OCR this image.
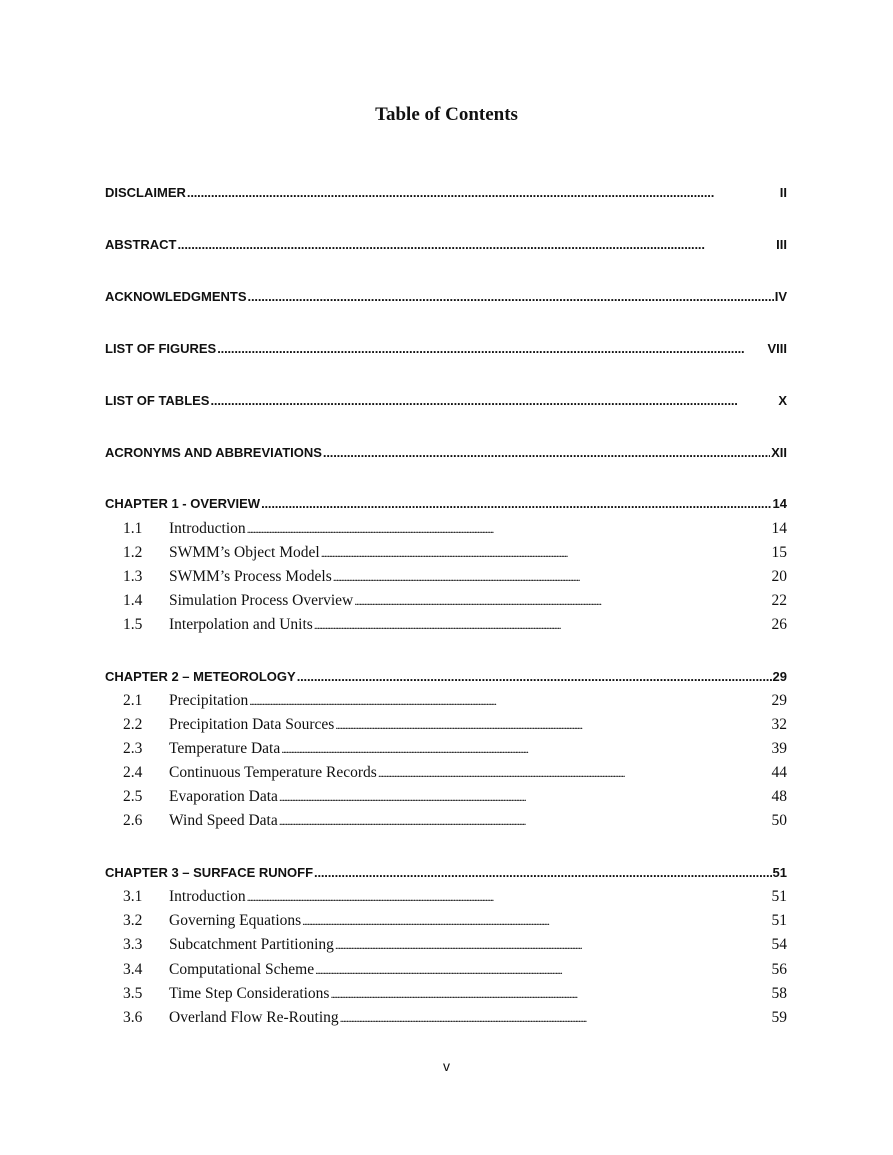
Table of Contents
DISCLAIMER . . .	II
ABSTRACT . . .	III
ACKNOWLEDGMENTS . . .	IV
LIST OF FIGURES . . .	VIII
LIST OF TABLES . . .	X
ACRONYMS AND ABBREVIATIONS . . .	XII
CHAPTER 1 - OVERVIEW . . .	14
1.1	Introduction . . .	14
1.2	SWMM’s Object Model . . .	15
1.3	SWMM’s Process Models . . .	20
1.4	Simulation Process Overview . . .	22
1.5	Interpolation and Units . . .	26
CHAPTER 2 – METEOROLOGY . . .	29
2.1	Precipitation . . .	29
2.2	Precipitation Data Sources . . .	32
2.3	Temperature Data . . .	39
2.4	Continuous Temperature Records . . .	44
2.5	Evaporation Data . . .	48
2.6	Wind Speed Data . . .	50
CHAPTER 3 – SURFACE RUNOFF . . .	51
3.1	Introduction . . .	51
3.2	Governing Equations . . .	51
3.3	Subcatchment Partitioning . . .	54
3.4	Computational Scheme . . .	56
3.5	Time Step Considerations . . .	58
3.6	Overland Flow Re-Routing . . .	59
v
